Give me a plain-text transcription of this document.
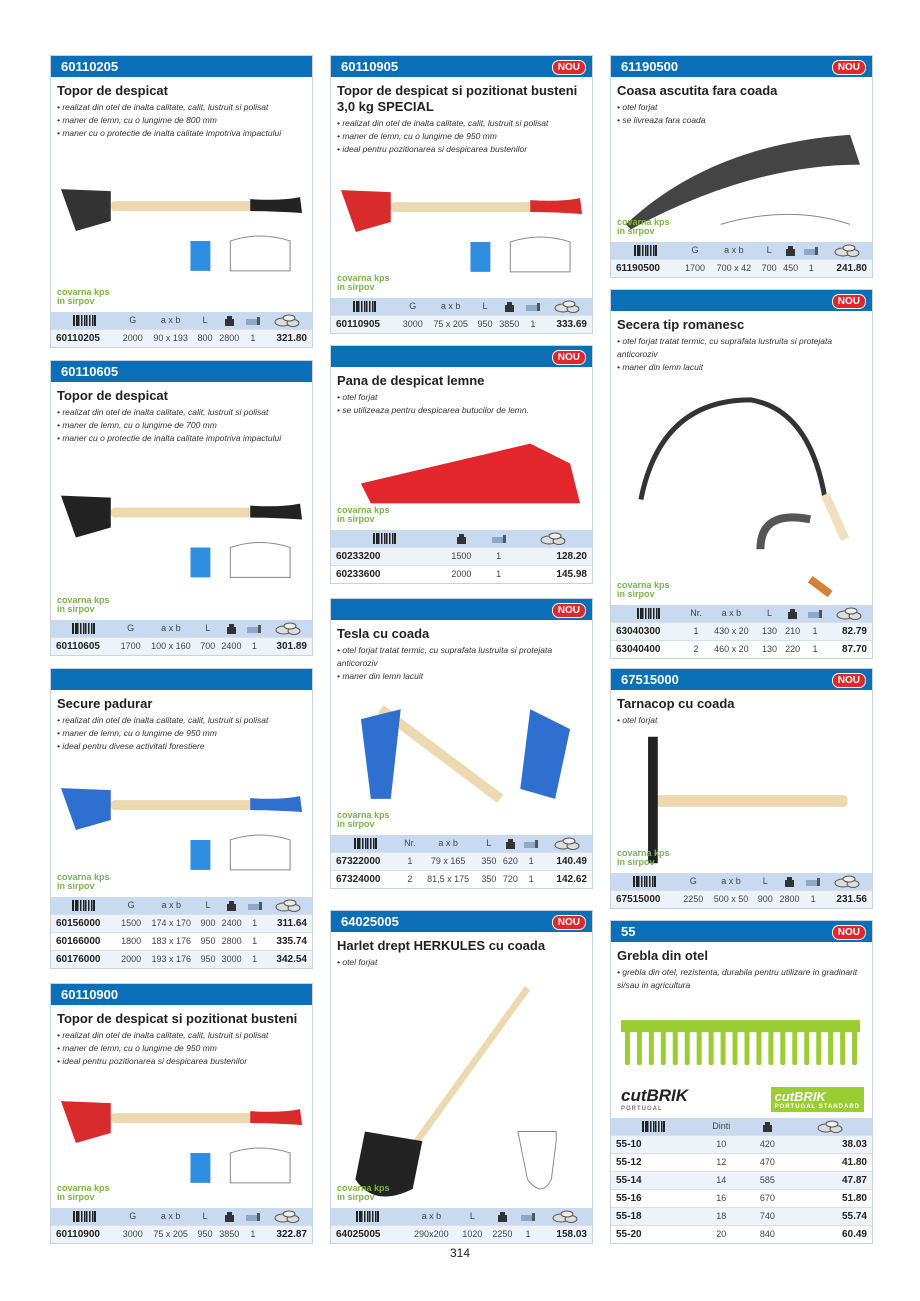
60110205
Topor de despicat
• realizat din otel de inalta calitate, calit, lustruit si polisat
• maner de lemn, cu o lungime de 800 mm
• maner cu o protectie de inalta calitate impotriva impactului
covarna kps
in sirpov
	G	a x b	L			
60110205	2000	90 x 193	800	2800	1	321.80
60110605
Topor de despicat
• realizat din otel de inalta calitate, calit, lustruit si polisat
• maner de lemn, cu o lungime de 700 mm
• maner cu o protectie de inalta calitate impotriva impactului
covarna kps
in sirpov
	G	a x b	L			
60110605	1700	100 x 160	700	2400	1	301.89
Secure padurar
• realizat din otel de inalta calitate, calit, lustruit si polisat
• maner de lemn, cu o lungime de 950 mm
• ideal pentru divese activitati forestiere
covarna kps
in sirpov
	G	a x b	L			
60156000	1500	174 x 170	900	2400	1	311.64
60166000	1800	183 x 176	950	2800	1	335.74
60176000	2000	193 x 176	950	3000	1	342.54
60110900
Topor de despicat si pozitionat busteni
• realizat din otel de inalta calitate, calit, lustruit si polisat
• maner de lemn, cu o lungime de 950 mm
• ideal pentru pozitionarea si despicarea bustenilor
covarna kps
in sirpov
	G	a x b	L			
60110900	3000	75 x 205	950	3850	1	322.87
60110905	NOU
Topor de despicat si pozitionat busteni 3,0 kg SPECIAL
• realizat din otel de inalta calitate, calit, lustruit si polisat
• maner de lemn, cu o lungime de 950 mm
• ideal pentru pozitionarea si despicarea bustenilor
covarna kps
in sirpov
	G	a x b	L			
60110905	3000	75 x 205	950	3850	1	333.69
NOU
Pana de despicat lemne
• otel forjat
• se utilizeaza pentru despicarea butucilor de lemn.
covarna kps
in sirpov

60233200				1500	1	128.20
60233600				2000	1	145.98
NOU
Tesla cu coada
• otel forjat tratat termic, cu suprafata lustruita si protejata anticoroziv
• maner din lemn lacuit
covarna kps
in sirpov
	Nr.	a x b	L			
67322000	1	79 x 165	350	620	1	140.49
67324000	2	81,5 x 175	350	720	1	142.62
64025005	NOU
Harlet drept HERKULES cu coada
• otel forjat
covarna kps
in sirpov
	a x b	L			
64025005	290x200	1020	2250	1	158.03
61190500	NOU
Coasa ascutita fara coada
• otel forjat
• se livreaza fara coada
covarna kps
in sirpov
	G	a x b	L			
61190500	1700	700 x 42	700	450	1	241.80
NOU
Secera tip romanesc
• otel forjat tratat termic, cu suprafata lustruita si protejata anticoroziv
• maner din lemn lacuit
covarna kps
in sirpov
	Nr.	a x b	L			
63040300	1	430 x 20	130	210	1	82.79
63040400	2	460 x 20	130	220	1	87.70
67515000	NOU
Tarnacop cu coada
• otel forjat
covarna kps
in sirpov
	G	a x b	L			
67515000	2250	500 x 50	900	2800	1	231.56
55	NOU
Grebla din otel
• grebla din otel, rezistenta, durabila pentru utilizare in gradinarit si/sau in agricultura
cutBRIK
PORTUGAL
cutBRIK
PORTUGAL STANDARD
	Dinti		
55-10	10	420	38.03
55-12	12	470	41.80
55-14	14	585	47.87
55-16	16	670	51.80
55-18	18	740	55.74
55-20	20	840	60.49
314
